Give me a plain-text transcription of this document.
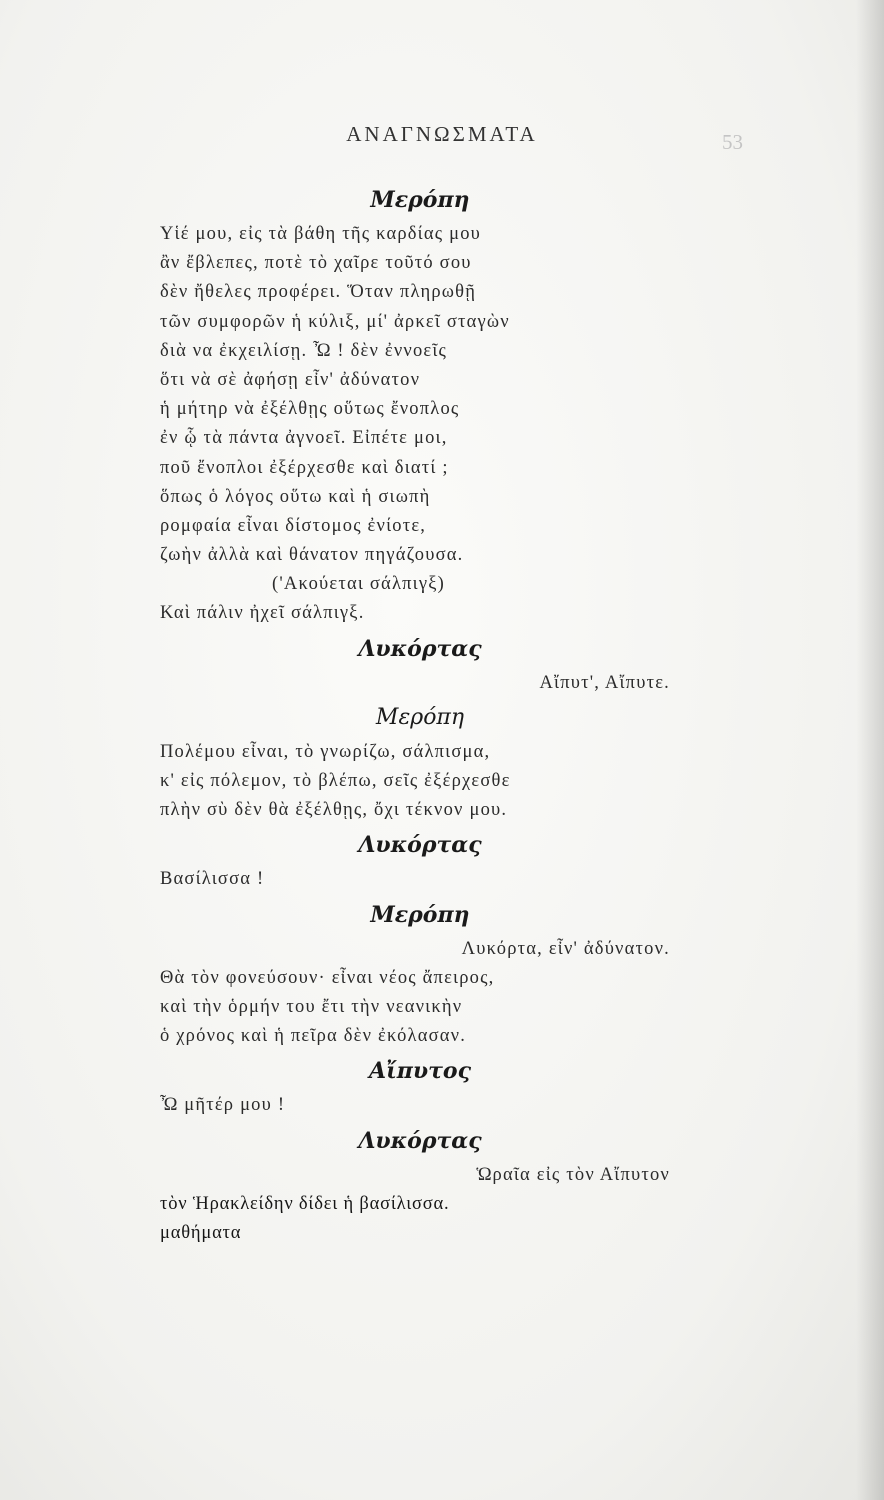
ΑΝΑΓΝΩΣΜΑΤΑ	53
Μερόπη
Υἱέ μου, εἰς τὰ βάθη τῆς καρδίας μου
ἂν ἔβλεπες, ποτὲ τὸ χαῖρε τοῦτό σου
δὲν ἤθελες προφέρει. Ὅταν πληρωθῇ
τῶν συμφορῶν ἡ κύλιξ, μί' ἀρκεῖ σταγὼν
διὰ να ἐκχειλίσῃ. Ὦ ! δὲν ἐννοεῖς
ὅτι νὰ σὲ ἀφήσῃ εἶν' ἀδύνατον
ἡ μήτηρ νὰ ἐξέλθῃς οὕτως ἔνοπλος
ἐν ᾧ τὰ πάντα ἀγνοεῖ. Εἰπέτε μοι,
ποῦ ἔνοπλοι ἐξέρχεσθε καὶ διατί ;
ὅπως ὁ λόγος οὕτω καὶ ἡ σιωπὴ
ρομφαία εἶναι δίστομος ἐνίοτε,
ζωὴν ἀλλὰ καὶ θάνατον πηγάζουσα.
('Ακούεται σάλπιγξ)
Καὶ πάλιν ἠχεῖ σάλπιγξ.
Λυκόρτας
Αἴπυτ', Αἴπυτε.
Μερόπη
Πολέμου εἶναι, τὸ γνωρίζω, σάλπισμα,
κ' εἰς πόλεμον, τὸ βλέπω, σεῖς ἐξέρχεσθε
πλὴν σὺ δὲν θὰ ἐξέλθῃς, ὄχι τέκνον μου.
Λυκόρτας
Βασίλισσα !
Μερόπη
Λυκόρτα, εἶν' ἀδύνατον.
Θὰ τὸν φονεύσουν· εἶναι νέος ἄπειρος,
καὶ τὴν ὁρμήν του ἔτι τὴν νεανικὴν
ὁ χρόνος καὶ ἡ πεῖρα δὲν ἐκόλασαν.
Αἴπυτος
Ὦ μῆτέρ μου !
Λυκόρτας
Ὡραῖα εἰς τὸν Αἴπυτον
τὸν Ἡρακλείδην δίδει ἡ βασίλισσα.
μαθήματα
